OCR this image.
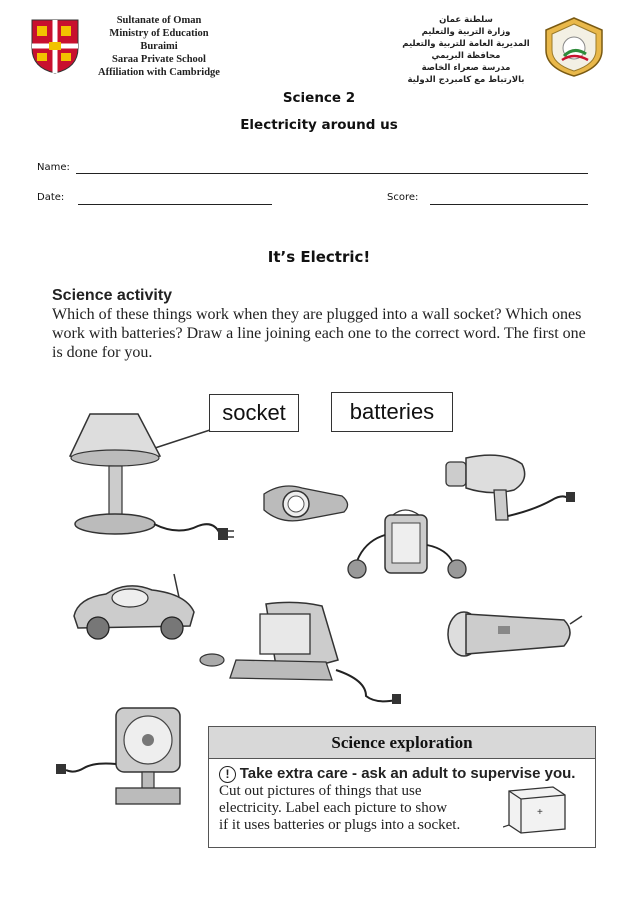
Sultanate of Oman
Ministry of Education
Buraimi
Saraa Private School
Affiliation with Cambridge
سلطنة عمان
وزارة التربية والتعليم
المديرية العامة للتربية والتعليم
محافظة البريمي
مدرسة صعراء الخاصة
بالارتباط مع كامبردج الدولية
Science 2
Electricity around us
Name:
Date:	Score:
It’s Electric!
Science activity
Which of these things work when they are plugged into a wall socket? Which ones work with batteries? Draw a line joining each one to the correct word. The first one is done for you.
socket	batteries
Science exploration
! Take extra care - ask an adult to supervise you.
Cut out pictures of things that use
electricity. Label each picture to show
if it uses batteries or plugs into a socket.
+
